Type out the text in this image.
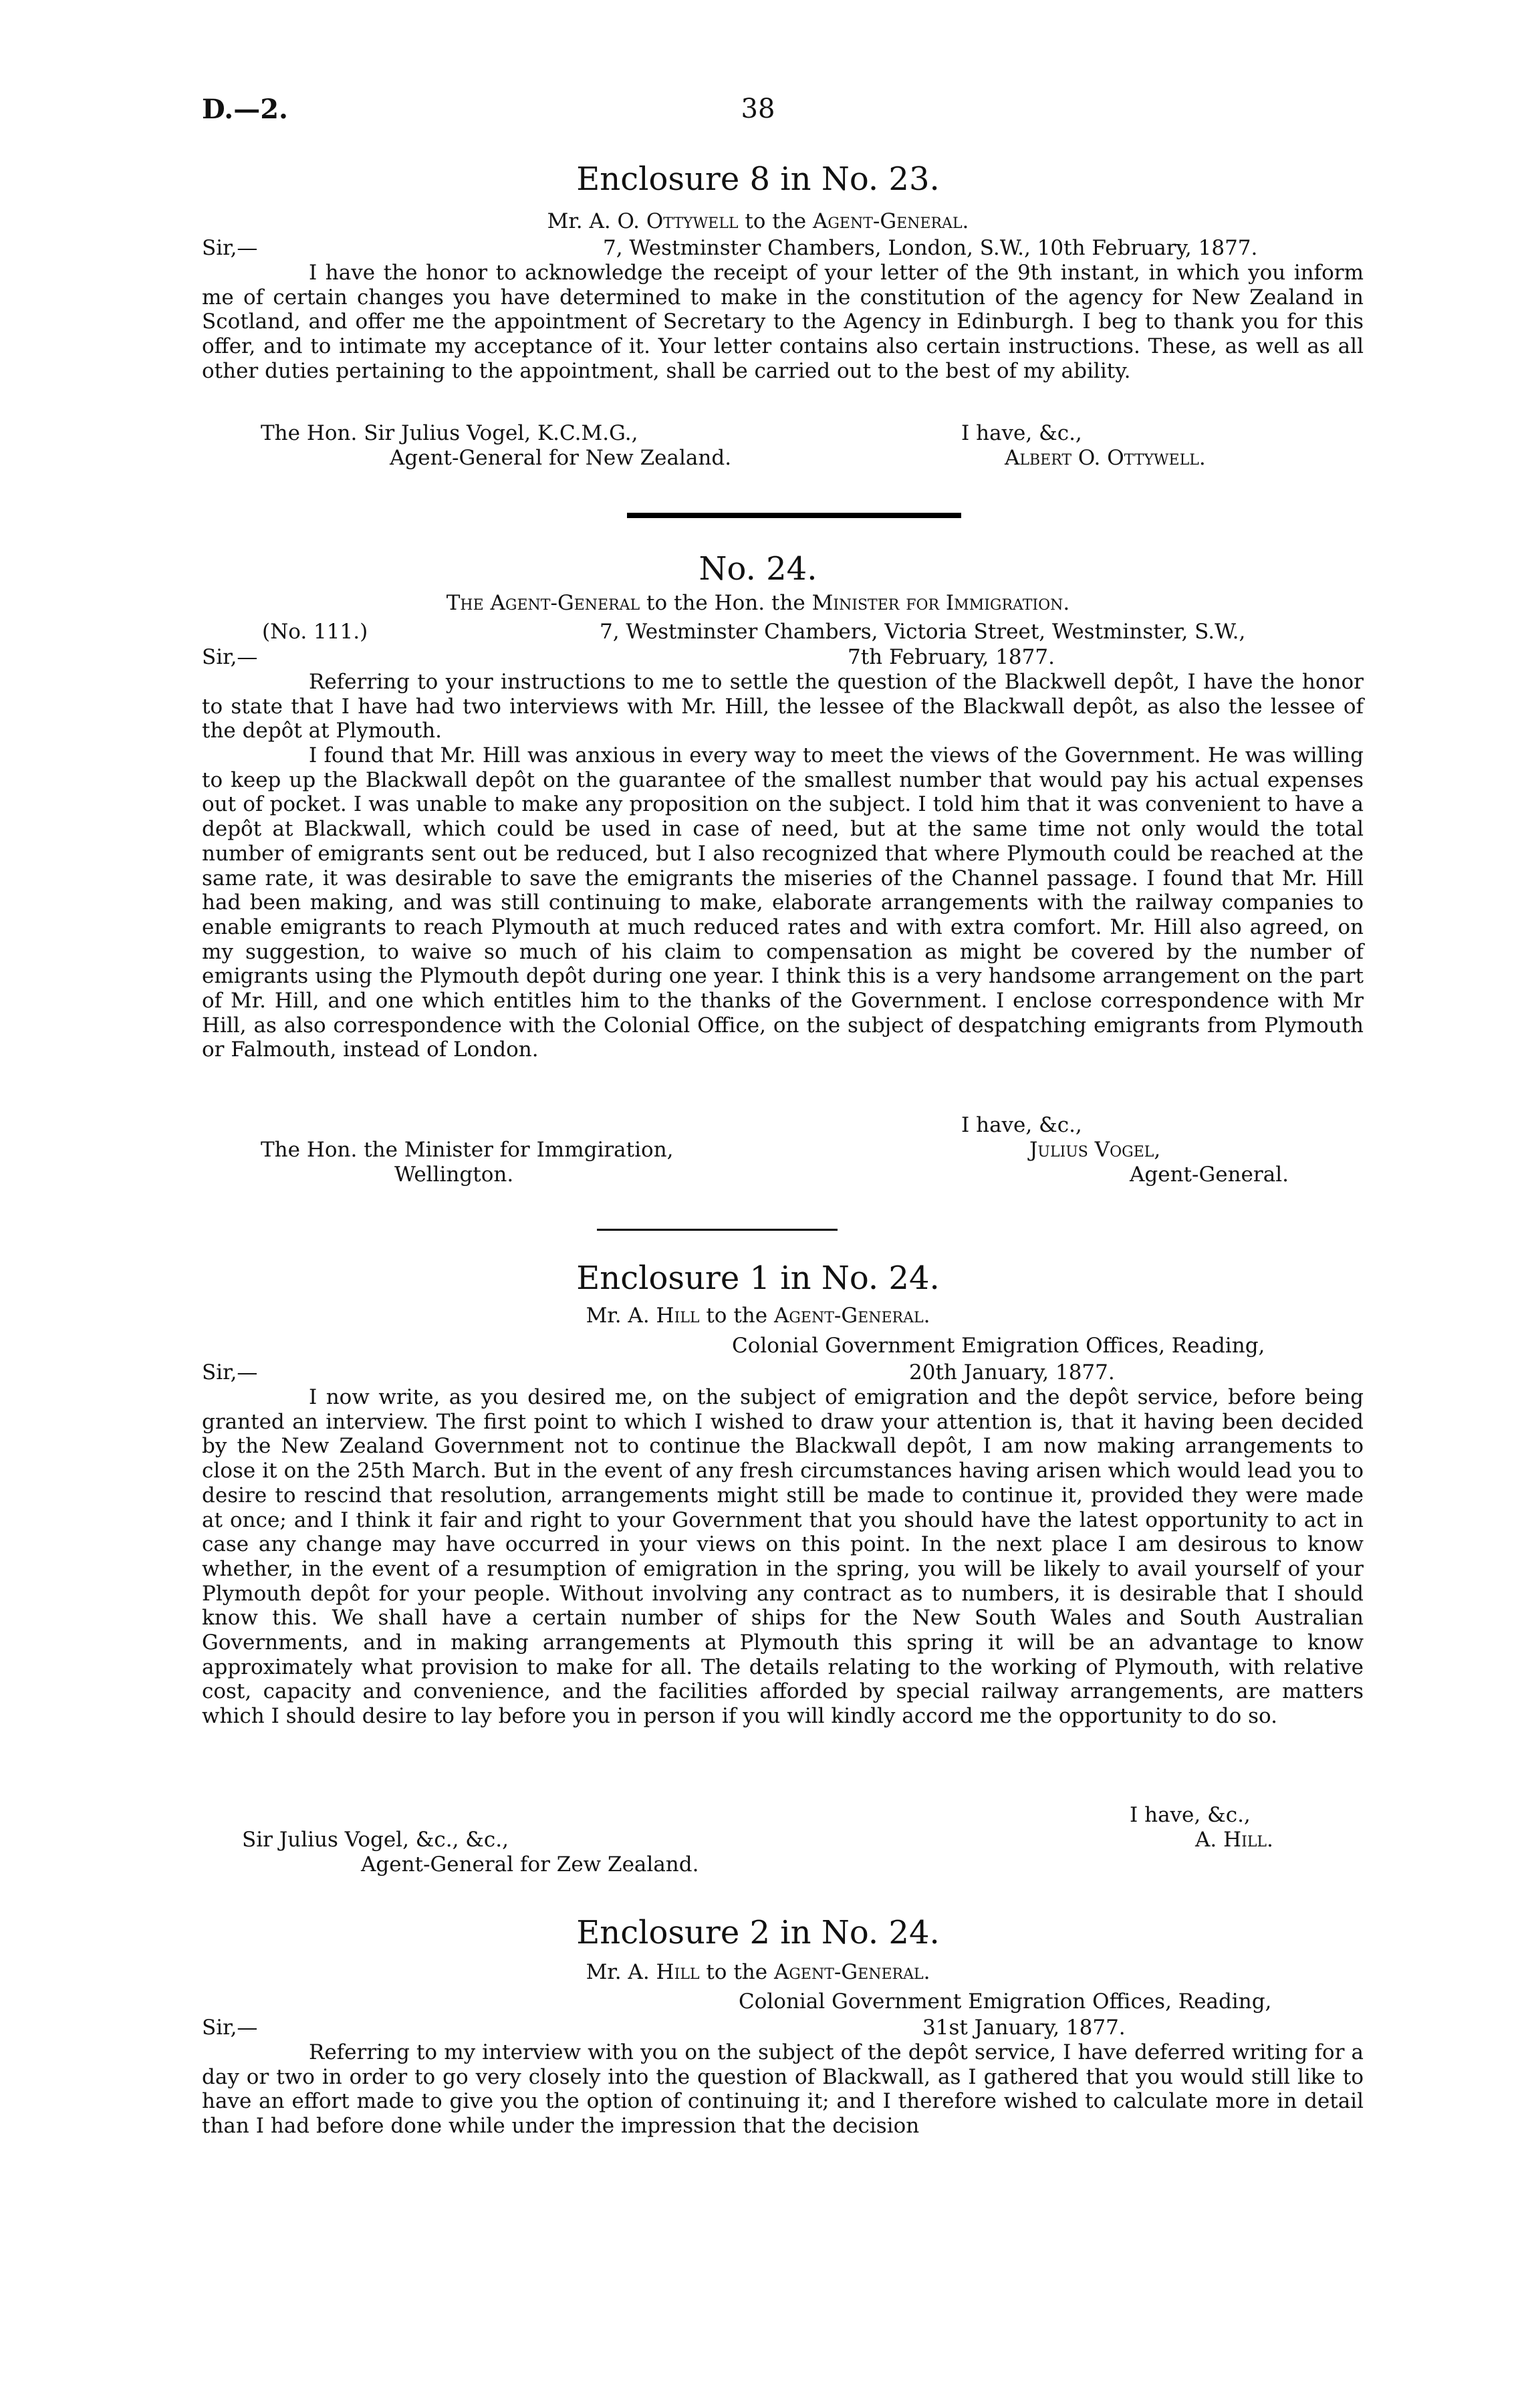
D.—2.	38
Enclosure 8 in No. 23.
Mr. A. O. Ottywell to the Agent-General.
Sir,—	7, Westminster Chambers, London, S.W., 10th February, 1877.
I have the honor to acknowledge the receipt of your letter of the 9th instant, in which you inform me of certain changes you have determined to make in the constitution of the agency for New Zealand in Scotland, and offer me the appointment of Secretary to the Agency in Edinburgh. I beg to thank you for this offer, and to intimate my acceptance of it. Your letter contains also certain instructions. These, as well as all other duties pertaining to the appointment, shall be carried out to the best of my ability.
The Hon. Sir Julius Vogel, K.C.M.G.,	I have, &c.,
Agent-General for New Zealand.	Albert O. Ottywell.
No. 24.
The Agent-General to the Hon. the Minister for Immigration.
(No. 111.)	7, Westminster Chambers, Victoria Street, Westminster, S.W.,
Sir,—	7th February, 1877.
Referring to your instructions to me to settle the question of the Blackwell depôt, I have the honor to state that I have had two interviews with Mr. Hill, the lessee of the Blackwall depôt, as also the lessee of the depôt at Plymouth.
I found that Mr. Hill was anxious in every way to meet the views of the Government. He was willing to keep up the Blackwall depôt on the guarantee of the smallest number that would pay his actual expenses out of pocket. I was unable to make any proposition on the subject. I told him that it was convenient to have a depôt at Blackwall, which could be used in case of need, but at the same time not only would the total number of emigrants sent out be reduced, but I also recognized that where Plymouth could be reached at the same rate, it was desirable to save the emigrants the miseries of the Channel passage. I found that Mr. Hill had been making, and was still continuing to make, elaborate arrangements with the railway companies to enable emigrants to reach Plymouth at much reduced rates and with extra comfort. Mr. Hill also agreed, on my suggestion, to waive so much of his claim to compensation as might be covered by the number of emigrants using the Plymouth depôt during one year. I think this is a very handsome arrangement on the part of Mr. Hill, and one which entitles him to the thanks of the Government. I enclose correspondence with Mr Hill, as also correspondence with the Colonial Office, on the subject of despatching emigrants from Plymouth or Falmouth, instead of London.
I have, &c.,
The Hon. the Minister for Immgiration,	Julius Vogel,
Wellington.	Agent-General.
Enclosure 1 in No. 24.
Mr. A. Hill to the Agent-General.
Colonial Government Emigration Offices, Reading,
Sir,—	20th January, 1877.
I now write, as you desired me, on the subject of emigration and the depôt service, before being granted an interview. The first point to which I wished to draw your attention is, that it having been decided by the New Zealand Government not to continue the Blackwall depôt, I am now making arrangements to close it on the 25th March. But in the event of any fresh circumstances having arisen which would lead you to desire to rescind that resolution, arrangements might still be made to continue it, provided they were made at once; and I think it fair and right to your Government that you should have the latest opportunity to act in case any change may have occurred in your views on this point. In the next place I am desirous to know whether, in the event of a resumption of emigration in the spring, you will be likely to avail yourself of your Plymouth depôt for your people. Without involving any contract as to numbers, it is desirable that I should know this. We shall have a certain number of ships for the New South Wales and South Australian Governments, and in making arrangements at Plymouth this spring it will be an advantage to know approximately what provision to make for all. The details relating to the working of Plymouth, with relative cost, capacity and convenience, and the facilities afforded by special railway arrangements, are matters which I should desire to lay before you in person if you will kindly accord me the opportunity to do so.
I have, &c.,
Sir Julius Vogel, &c., &c.,	A. Hill.
Agent-General for Zew Zealand.
Enclosure 2 in No. 24.
Mr. A. Hill to the Agent-General.
Colonial Government Emigration Offices, Reading,
Sir,—	31st January, 1877.
Referring to my interview with you on the subject of the depôt service, I have deferred writing for a day or two in order to go very closely into the question of Blackwall, as I gathered that you would still like to have an effort made to give you the option of continuing it; and I therefore wished to calculate more in detail than I had before done while under the impression that the decision
